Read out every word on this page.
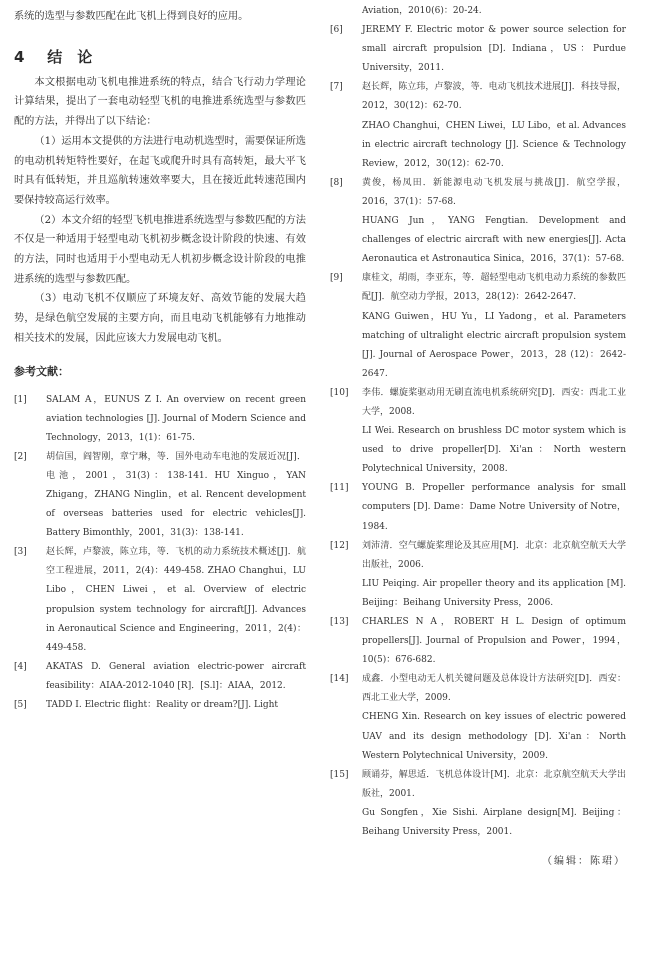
系统的选型与参数匹配在此飞机上得到良好的应用。

4 结　论

本文根据电动飞机电推进系统的特点，结合飞行动力学理论计算结果，提出了一套电动轻型飞机的电推进系统选型与参数匹配的方法，并得出了以下结论：

（1）运用本文提供的方法进行电动机选型时，需要保证所选的电动机转矩特性要好，在起飞或爬升时具有高转矩，最大平飞时具有低转矩，并且巡航转速效率要大，且在接近此转速范围内要保持较高运行效率。

（2）本文介绍的轻型飞机电推进系统选型与参数匹配的方法不仅是一种适用于轻型电动飞机初步概念设计阶段的快速、有效的方法，同时也适用于小型电动无人机初步概念设计阶段的电推进系统的选型与参数匹配。

（3）电动飞机不仅顺应了环境友好、高效节能的发展大趋势，是绿色航空发展的主要方向，而且电动飞机能够有力地推动相关技术的发展，因此应该大力发展电动飞机。

参考文献：
[1]	SALAM A，EUNUS Z I. An overview on recent green aviation technologies [J]. Journal of Modern Science and Technology，2013，1(1)：61-75.
[2]	胡信国，阎智刚，章宁琳，等．国外电动车电池的发展近况[J]．电池，2001，31(3)：138-141. HU Xinguo，YAN Zhigang，ZHANG Ninglin，et al. Rencent development of overseas batteries used for electric vehicles[J]. Battery Bimonthly，2001，31(3)：138-141.
[3]	赵长辉，卢黎波，陈立玮，等．飞机的动力系统技术概述[J]．航空工程进展，2011，2(4)：449-458. ZHAO Changhui，LU Libo，CHEN Liwei，et al. Overview of electric propulsion system technology for aircraft[J]. Advances in Aeronautical Science and Engineering，2011，2(4)：449-458.
[4]	AKATAS D. General aviation electric-power aircraft feasibility：AIAA-2012-1040 [R]．[S.l]：AIAA，2012.
[5]	TADD I. Electric flight：Reality or dream?[J]. Light
Aviation，2010(6)：20-24.
[6]	JEREMY F. Electric motor & power source selection for small aircraft propulsion [D]. Indiana，US：Purdue University，2011.
[7]	赵长辉，陈立玮，卢黎波，等．电动飞机技术进展[J]．科技导报，2012，30(12)：62-70.
ZHAO Changhui，CHEN Liwei，LU Libo，et al. Advances in electric aircraft technology [J]. Science & Technology Review，2012，30(12)：62-70.
[8]	黄俊，杨凤田．新能源电动飞机发展与挑战[J]．航空学报，2016，37(1)：57-68.
HUANG Jun，YANG Fengtian. Development and challenges of electric aircraft with new energies[J]. Acta Aeronautica et Astronautica Sinica，2016，37(1)：57-68.
[9]	康桂文，胡雨，李亚东，等．超轻型电动飞机电动力系统的参数匹配[J]．航空动力学报，2013，28(12)：2642-2647.
KANG Guiwen，HU Yu，LI Yadong，et al. Parameters matching of ultralight electric aircraft propulsion system [J]. Journal of Aerospace Power，2013，28 (12)：2642-2647.
[10]	李伟．螺旋桨驱动用无刷直流电机系统研究[D]．西安：西北工业大学，2008.
LI Wei. Research on brushless DC motor system which is used to drive propeller[D]. Xi'an：North western Polytechnical University，2008.
[11]	YOUNG B. Propeller performance analysis for small computers [D]. Dame：Dame Notre University of Notre，1984.
[12]	刘沛清．空气螺旋桨理论及其应用[M]．北京：北京航空航天大学出版社，2006.
LIU Peiqing. Air propeller theory and its application [M]. Beijing：Beihang University Press，2006.
[13]	CHARLES N A，ROBERT H L. Design of optimum propellers[J]. Journal of Propulsion and Power，1994，10(5)：676-682.
[14]	成鑫．小型电动无人机关键问题及总体设计方法研究[D]．西安：西北工业大学，2009.
CHENG Xin. Research on key issues of electric powered UAV and its design methodology [D]. Xi'an：North Western Polytechnical University，2009.
[15]	顾诵芬，解思适．飞机总体设计[M]．北京：北京航空航天大学出版社，2001.
Gu Songfen，Xie Sishi. Airplane design[M]. Beijing：Beihang University Press，2001.
（编辑：陈珺）
